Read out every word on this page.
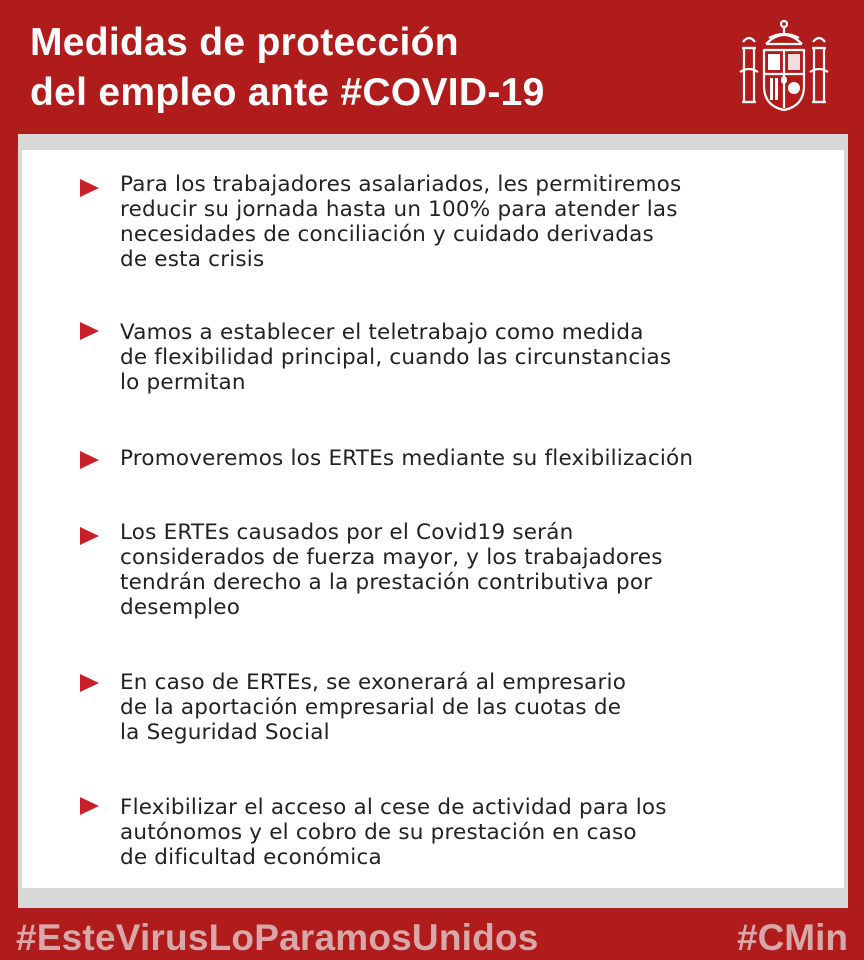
Medidas de protección
del empleo ante #COVID-19
Para los trabajadores asalariados, les permitiremos
reducir su jornada hasta un 100% para atender las
necesidades de conciliación y cuidado derivadas
de esta crisis
Vamos a establecer el teletrabajo como medida
de flexibilidad principal, cuando las circunstancias
lo permitan
Promoveremos los ERTEs mediante su flexibilización
Los ERTEs causados por el Covid19 serán
considerados de fuerza mayor, y los trabajadores
tendrán derecho a la prestación contributiva por
desempleo
En caso de ERTEs, se exonerará al empresario
de la aportación empresarial de las cuotas de
la Seguridad Social
Flexibilizar el acceso al cese de actividad para los
autónomos y el cobro de su prestación en caso
de dificultad económica
#EsteVirusLoParamosUnidos	#CMin
